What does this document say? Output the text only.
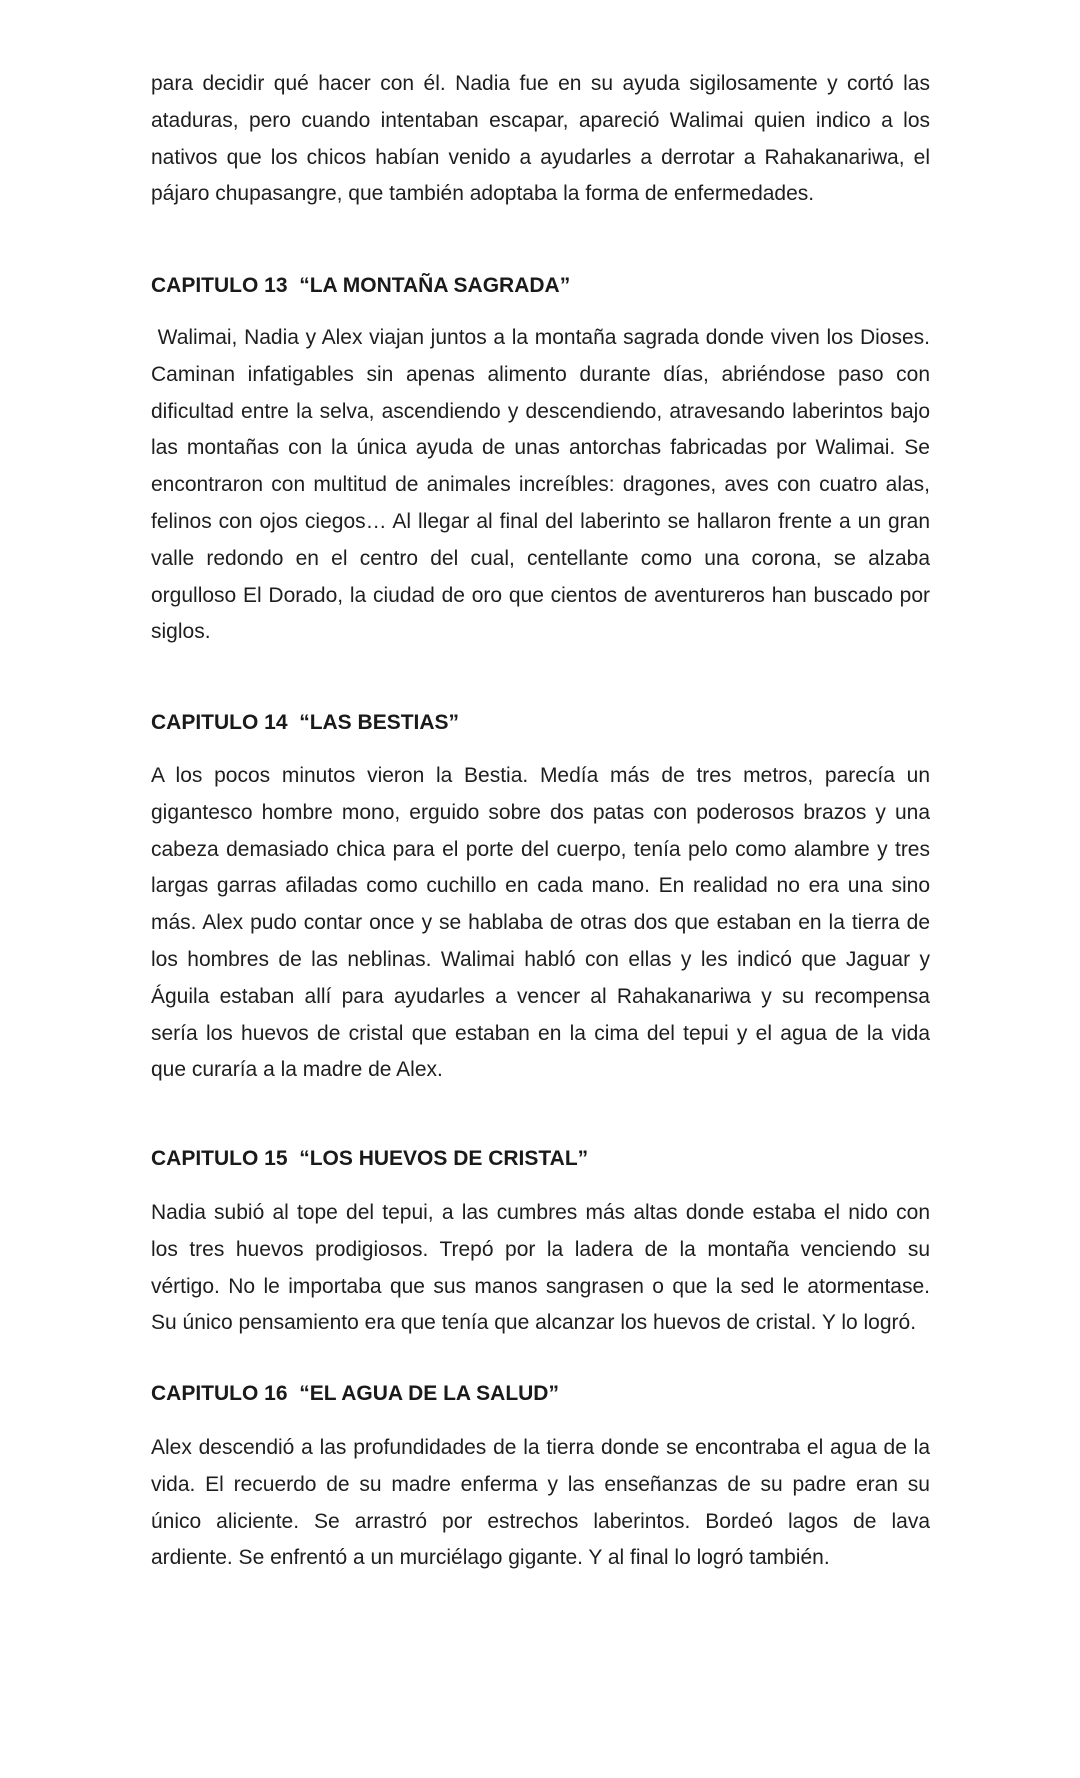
para decidir qué hacer con él. Nadia fue en su ayuda sigilosamente y cortó las
ataduras, pero cuando intentaban escapar, apareció Walimai quien indico a los
nativos que los chicos habían venido a ayudarles a derrotar a Rahakanariwa, el
pájaro chupasangre, que también adoptaba la forma de enfermedades.
CAPITULO 13  “LA MONTAÑA SAGRADA”
Walimai, Nadia y Alex viajan juntos a la montaña sagrada donde viven los Dioses.
Caminan infatigables sin apenas alimento durante días, abriéndose paso con
dificultad entre la selva, ascendiendo y descendiendo, atravesando laberintos bajo
las montañas con la única ayuda de unas antorchas fabricadas por Walimai. Se
encontraron con multitud de animales increíbles: dragones, aves con cuatro alas,
felinos con ojos ciegos… Al llegar al final del laberinto se hallaron frente a un gran
valle redondo en el centro del cual, centellante como una corona, se alzaba
orgulloso El Dorado, la ciudad de oro que cientos de aventureros han buscado por
siglos.
CAPITULO 14  “LAS BESTIAS”
A los pocos minutos vieron la Bestia. Medía más de tres metros, parecía un
gigantesco hombre mono, erguido sobre dos patas con poderosos brazos y una
cabeza demasiado chica para el porte del cuerpo, tenía pelo como alambre y tres
largas garras afiladas como cuchillo en cada mano. En realidad no era una sino
más. Alex pudo contar once y se hablaba de otras dos que estaban en la tierra de
los hombres de las neblinas. Walimai habló con ellas y les indicó que Jaguar y
Águila estaban allí para ayudarles a vencer al Rahakanariwa y su recompensa
sería los huevos de cristal que estaban en la cima del tepui y el agua de la vida
que curaría a la madre de Alex.
CAPITULO 15  “LOS HUEVOS DE CRISTAL”
Nadia subió al tope del tepui, a las cumbres más altas donde estaba el nido con
los tres huevos prodigiosos. Trepó por la ladera de la montaña venciendo su
vértigo. No le importaba que sus manos sangrasen o que la sed le atormentase.
Su único pensamiento era que tenía que alcanzar los huevos de cristal. Y lo logró.
CAPITULO 16  “EL AGUA DE LA SALUD”
Alex descendió a las profundidades de la tierra donde se encontraba el agua de la
vida. El recuerdo de su madre enferma y las enseñanzas de su padre eran su
único aliciente. Se arrastró por estrechos laberintos. Bordeó lagos de lava
ardiente. Se enfrentó a un murciélago gigante. Y al final lo logró también.
